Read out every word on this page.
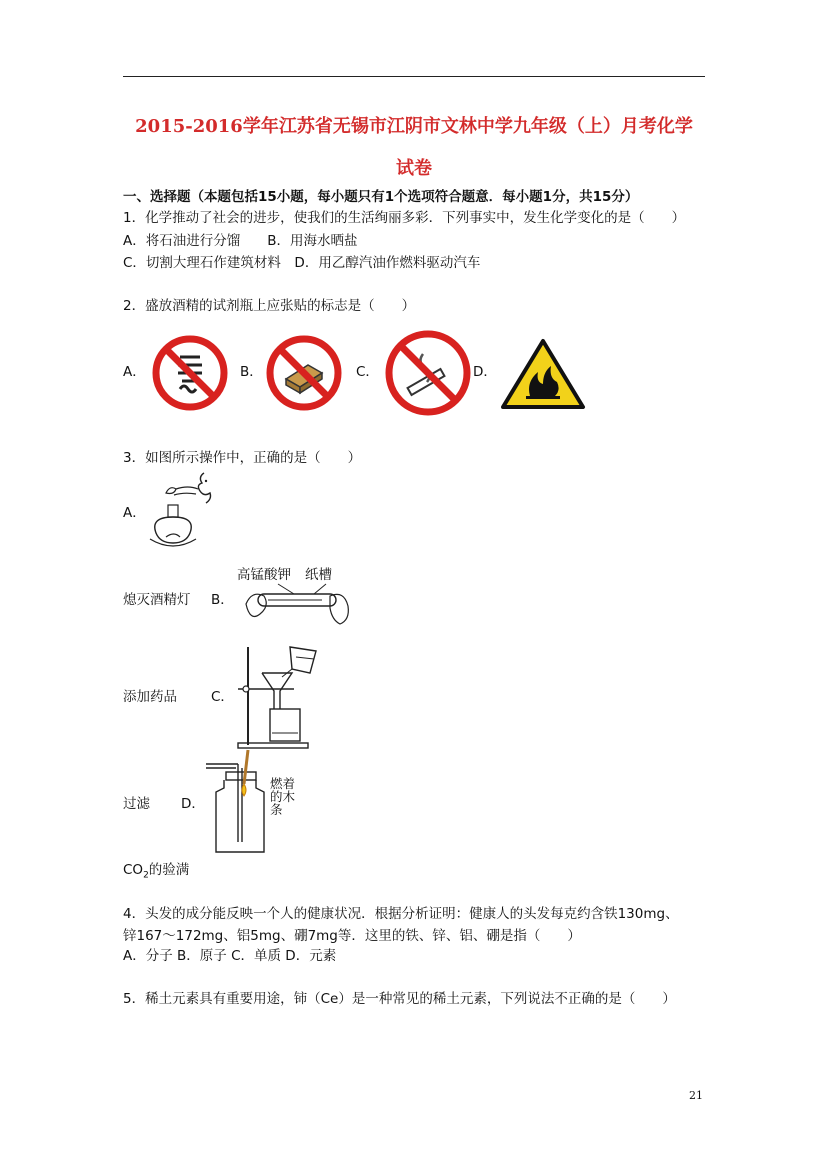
2015-2016学年江苏省无锡市江阴市文林中学九年级（上）月考化学
试卷
一、选择题（本题包括15小题，每小题只有1个选项符合题意．每小题1分，共15分）
1．化学推动了社会的进步，使我们的生活绚丽多彩．下列事实中，发生化学变化的是（　　）
A．将石油进行分馏　　B．用海水晒盐
C．切割大理石作建筑材料　D．用乙醇汽油作燃料驱动汽车
2．盛放酒精的试剂瓶上应张贴的标志是（　　）
A．	B．	C．	D．
3．如图所示操作中，正确的是（　　）
A．
熄灭酒精灯 B．
高锰酸钾 纸槽
添加药品	C．
过滤 D．
燃着
的木
条
$CO_2$的验满
4．头发的成分能反映一个人的健康状况．根据分析证明：健康人的头发每克约含铁130mg、
锌167～172mg、铝5mg、硼7mg等．这里的铁、锌、铝、硼是指（　　）
A．分子 B．原子 C．单质 D．元素
5．稀土元素具有重要用途，铈（Ce）是一种常见的稀土元素，下列说法不正确的是（　　）
21
